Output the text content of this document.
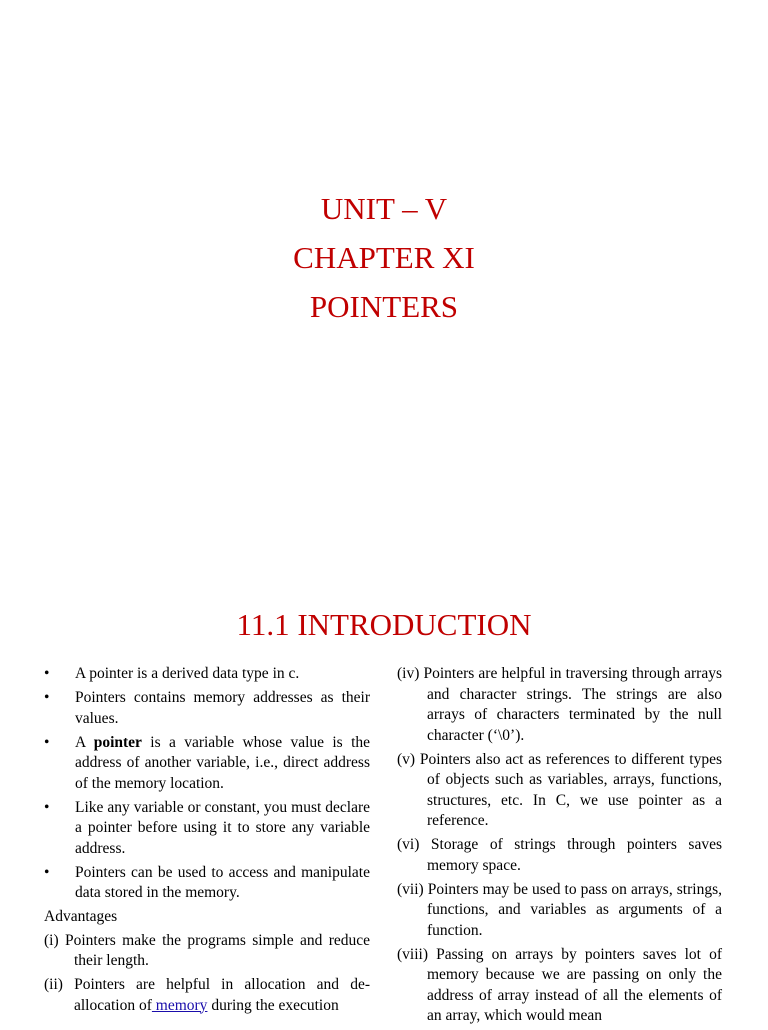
UNIT – V
CHAPTER XI
POINTERS
11.1 INTRODUCTION
• A pointer is a derived data type in c.
• Pointers contains memory addresses as their values.
• A pointer is a variable whose value is the address of another variable, i.e., direct address of the memory location.
• Like any variable or constant, you must declare a pointer before using it to store any variable address.
• Pointers can be used to access and manipulate data stored in the memory.
Advantages
(i) Pointers make the programs simple and reduce their length.
(ii) Pointers are helpful in allocation and de-allocation of memory during the execution
(iv) Pointers are helpful in traversing through arrays and character strings. The strings are also arrays of characters terminated by the null character (‘\0’).
(v) Pointers also act as references to different types of objects such as variables, arrays, functions, structures, etc. In C, we use pointer as a reference.
(vi) Storage of strings through pointers saves memory space.
(vii) Pointers may be used to pass on arrays, strings, functions, and variables as arguments of a function.
(viii) Passing on arrays by pointers saves lot of memory because we are passing on only the address of array instead of all the elements of an array, which would mean
